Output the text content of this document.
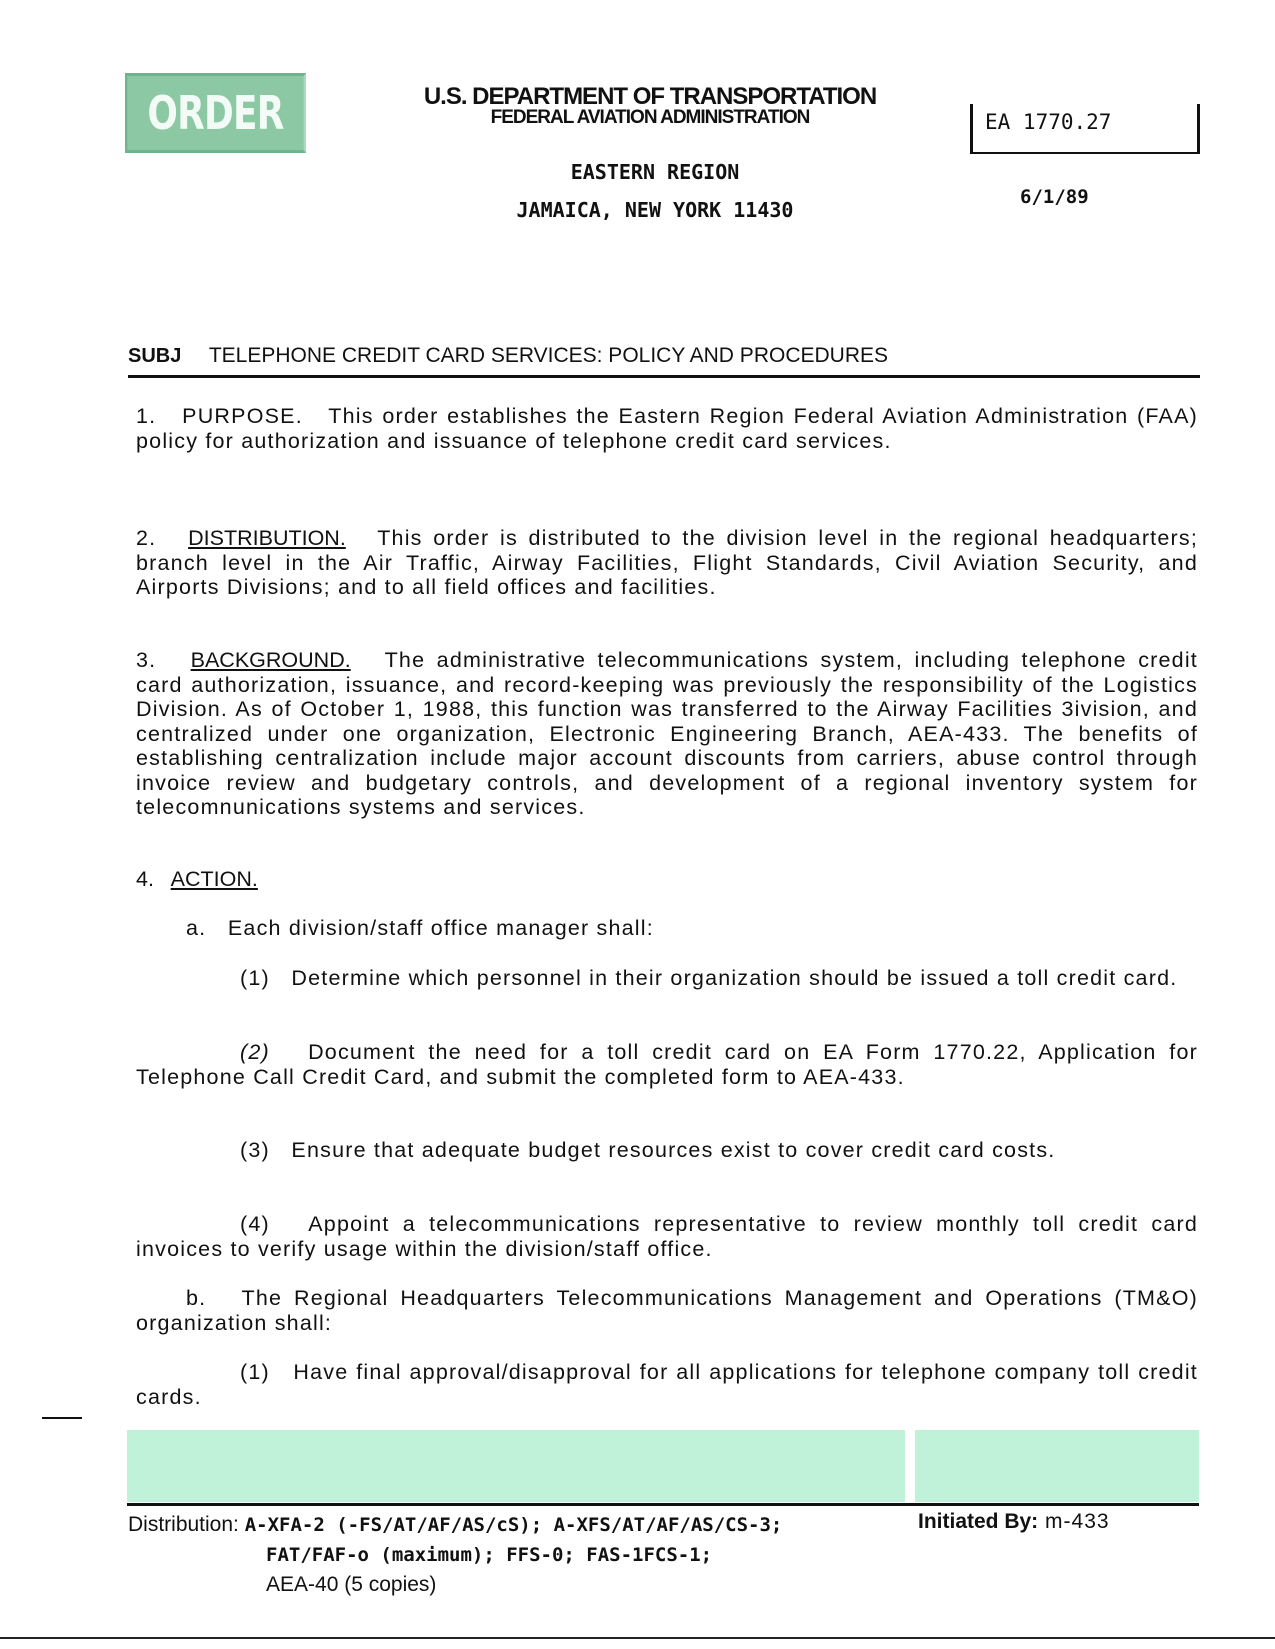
ORDER	U.S. DEPARTMENT OF TRANSPORTATION
FEDERAL AVIATION ADMINISTRATION
EASTERN REGION
JAMAICA, NEW YORK 11430
EA 1770.27
6/1/89
SUBJ TELEPHONE CREDIT CARD SERVICES: POLICY AND PROCEDURES
1. PURPOSE. This order establishes the Eastern Region Federal Aviation Administration (FAA) policy for authorization and issuance of telephone credit card services.
2. DISTRIBUTION. This order is distributed to the division level in the regional headquarters; branch level in the Air Traffic, Airway Facilities, Flight Standards, Civil Aviation Security, and Airports Divisions; and to all field offices and facilities.
3. BACKGROUND. The administrative telecommunications system, including telephone credit card authorization, issuance, and record-keeping was previously the responsibility of the Logistics Division. As of October 1, 1988, this function was transferred to the Airway Facilities 3ivision, and centralized under one organization, Electronic Engineering Branch, AEA-433. The benefits of establishing centralization include major account discounts from carriers, abuse control through invoice review and budgetary controls, and development of a regional inventory system for telecomnunications systems and services.
4. ACTION.
a. Each division/staff office manager shall:
(1) Determine which personnel in their organization should be issued a toll credit card.
(2) Document the need for a toll credit card on EA Form 1770.22, Application for Telephone Call Credit Card, and submit the completed form to AEA-433.
(3) Ensure that adequate budget resources exist to cover credit card costs.
(4) Appoint a telecommunications representative to review monthly toll credit card invoices to verify usage within the division/staff office.
b. The Regional Headquarters Telecommunications Management and Operations (TM&O) organization shall:
(1) Have final approval/disapproval for all applications for telephone company toll credit cards.
Distribution: A-XFA-2 (-FS/AT/AF/AS/cS); A-XFS/AT/AF/AS/CS-3;
FAT/FAF-o (maximum); FFS-0; FAS-1FCS-1;
AEA-40 (5 copies)
Initiated By: m-433
